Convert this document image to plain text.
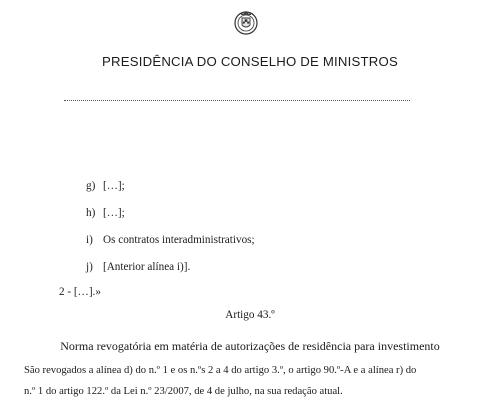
PRESIDÊNCIA DO CONSELHO DE MINISTROS
g) […];
h) […];
i) Os contratos interadministrativos;
j) [Anterior alínea i)].
2 - […].»
Artigo 43.º
Norma revogatória em matéria de autorizações de residência para investimento
São revogados a alínea d) do n.º 1 e os n.ºs 2 a 4 do artigo 3.º, o artigo 90.º-A e a alínea r) do
n.º 1 do artigo 122.º da Lei n.º 23/2007, de 4 de julho, na sua redação atual.
